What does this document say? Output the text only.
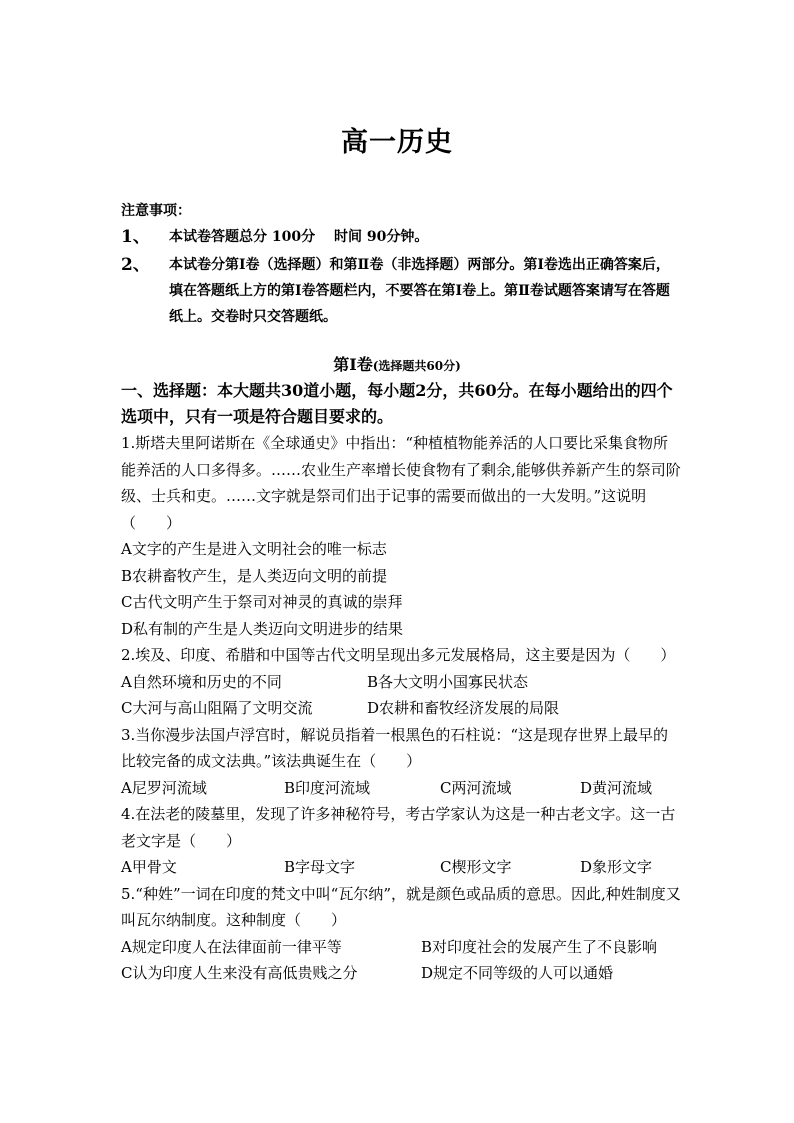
高一历史
注意事项：
1、 本试卷答题总分 100分　 时间 90分钟。
2、 本试卷分第Ⅰ卷（选择题）和第Ⅱ卷（非选择题）两部分。第Ⅰ卷选出正确答案后，填在答题纸上方的第Ⅰ卷答题栏内，不要答在第Ⅰ卷上。第Ⅱ卷试题答案请写在答题纸上。交卷时只交答题纸。
第Ⅰ卷(选择题共60分)
一、选择题：本大题共30道小题，每小题2分，共60分。在每小题给出的四个选项中，只有一项是符合题目要求的。
1.斯塔夫里阿诺斯在《全球通史》中指出：“种植植物能养活的人口要比采集食物所能养活的人口多得多。……农业生产率增长使食物有了剩余,能够供养新产生的祭司阶级、士兵和吏。……文字就是祭司们出于记事的需要而做出的一大发明。”这说明（　　）
A文字的产生是进入文明社会的唯一标志
B农耕畜牧产生，是人类迈向文明的前提
C古代文明产生于祭司对神灵的真诚的崇拜
D私有制的产生是人类迈向文明进步的结果
2.埃及、印度、希腊和中国等古代文明呈现出多元发展格局，这主要是因为（　　）
A自然环境和历史的不同	B各大文明小国寡民状态
C大河与高山阻隔了文明交流	D农耕和畜牧经济发展的局限
3.当你漫步法国卢浮宫时，解说员指着一根黑色的石柱说：“这是现存世界上最早的比较完备的成文法典。”该法典诞生在（　　）
A尼罗河流域	B印度河流域	C两河流域	D黄河流域
4.在法老的陵墓里，发现了许多神秘符号，考古学家认为这是一种古老文字。这一古老文字是（　　）
A甲骨文	B字母文字	C楔形文字	D象形文字
5.“种姓”一词在印度的梵文中叫“瓦尔纳”，就是颜色或品质的意思。因此,种姓制度又叫瓦尔纳制度。这种制度（　　）
A规定印度人在法律面前一律平等	B对印度社会的发展产生了不良影响
C认为印度人生来没有高低贵贱之分	D规定不同等级的人可以通婚
